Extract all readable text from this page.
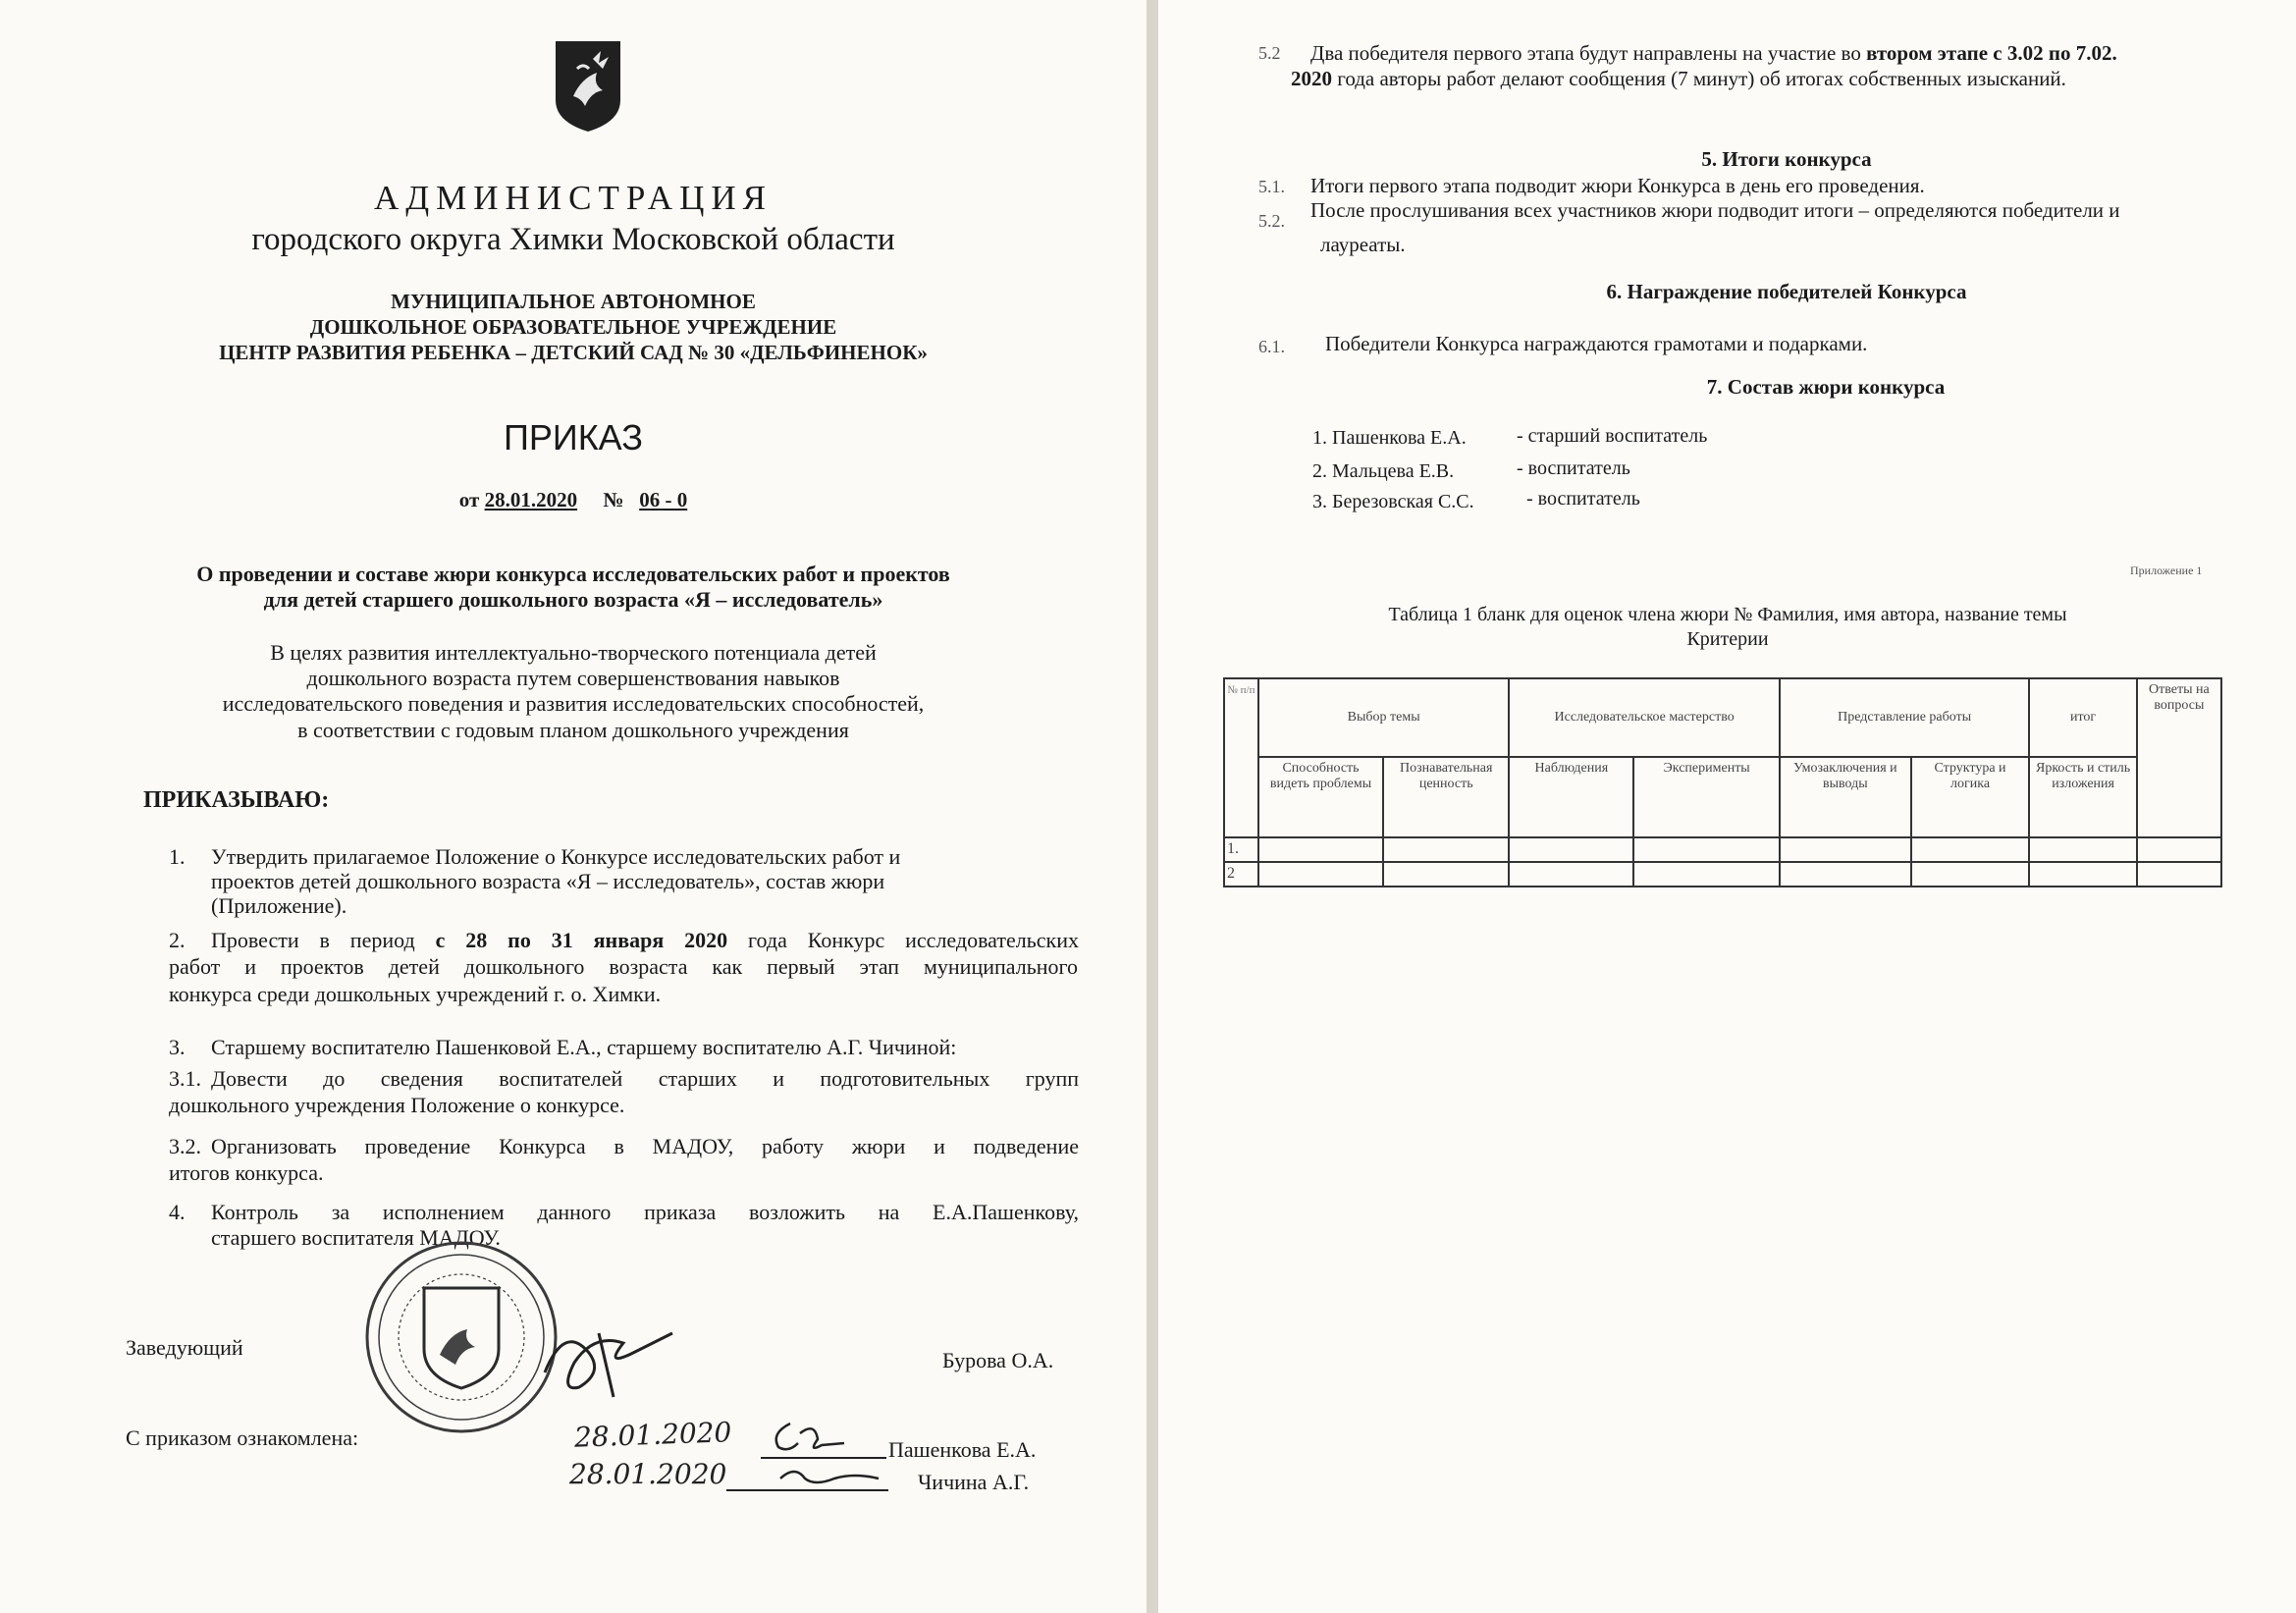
АДМИНИСТРАЦИЯ
городского округа Химки Московской области
МУНИЦИПАЛЬНОЕ АВТОНОМНОЕ
ДОШКОЛЬНОЕ ОБРАЗОВАТЕЛЬНОЕ УЧРЕЖДЕНИЕ
ЦЕНТР РАЗВИТИЯ РЕБЕНКА – ДЕТСКИЙ САД № 30 «ДЕЛЬФИНЕНОК»
ПРИКАЗ
от 28.01.2020 № 06 - 0
О проведении и составе жюри конкурса исследовательских работ и проектов
для детей старшего дошкольного возраста «Я – исследователь»
В целях развития интеллектуально-творческого потенциала детей
дошкольного возраста путем совершенствования навыков
исследовательского поведения и развития исследовательских способностей,
в соответствии с годовым планом дошкольного учреждения
ПРИКАЗЫВАЮ:
1. Утвердить прилагаемое Положение о Конкурсе исследовательских работ и
проектов детей дошкольного возраста «Я – исследователь», состав жюри
(Приложение).
2. Провести в период с 28 по 31 января 2020 года Конкурс исследовательских
работ и проектов детей дошкольного возраста как первый этап муниципального
конкурса среди дошкольных учреждений г. о. Химки.
3. Старшему воспитателю Пашенковой Е.А., старшему воспитателю А.Г. Чичиной:
3.1. Довести до сведения воспитателей старших и подготовительных групп
дошкольного учреждения Положение о конкурсе.
3.2. Организовать проведение Конкурса в МАДОУ, работу жюри и подведение
итогов конкурса.
4. Контроль за исполнением данного приказа возложить на Е.А.Пашенкову,
старшего воспитателя МАДОУ.
Заведующий
Бурова О.А.
С приказом ознакомлена:	28.01.2020	Пашенкова Е.А.
28.01.2020	Чичина А.Г.
5.2 Два победителя первого этапа будут направлены на участие во втором этапе с 3.02 по 7.02.
2020 года авторы работ делают сообщения (7 минут) об итогах собственных изысканий.
5. Итоги конкурса
5.1. Итоги первого этапа подводит жюри Конкурса в день его проведения.
5.2. После прослушивания всех участников жюри подводит итоги – определяются победители и
лауреаты.
6. Награждение победителей Конкурса
6.1. Победители Конкурса награждаются грамотами и подарками.
7. Состав жюри конкурса
1. Пашенкова Е.А.	- старший воспитатель
2. Мальцева Е.В.	- воспитатель
3. Березовская С.С.	- воспитатель
Приложение 1
Таблица 1 бланк для оценок члена жюри № Фамилия, имя автора, название темы
Критерии
№ п/п	Выбор темы		Исследовательское мастерство		Представление работы		итог	Ответы на вопросы
	Способность видеть проблемы	Познавательная ценность	Наблюдения	Эксперименты	Умозаключения и выводы	Структура и логика	Яркость и стиль изложения	
1.								
2								
